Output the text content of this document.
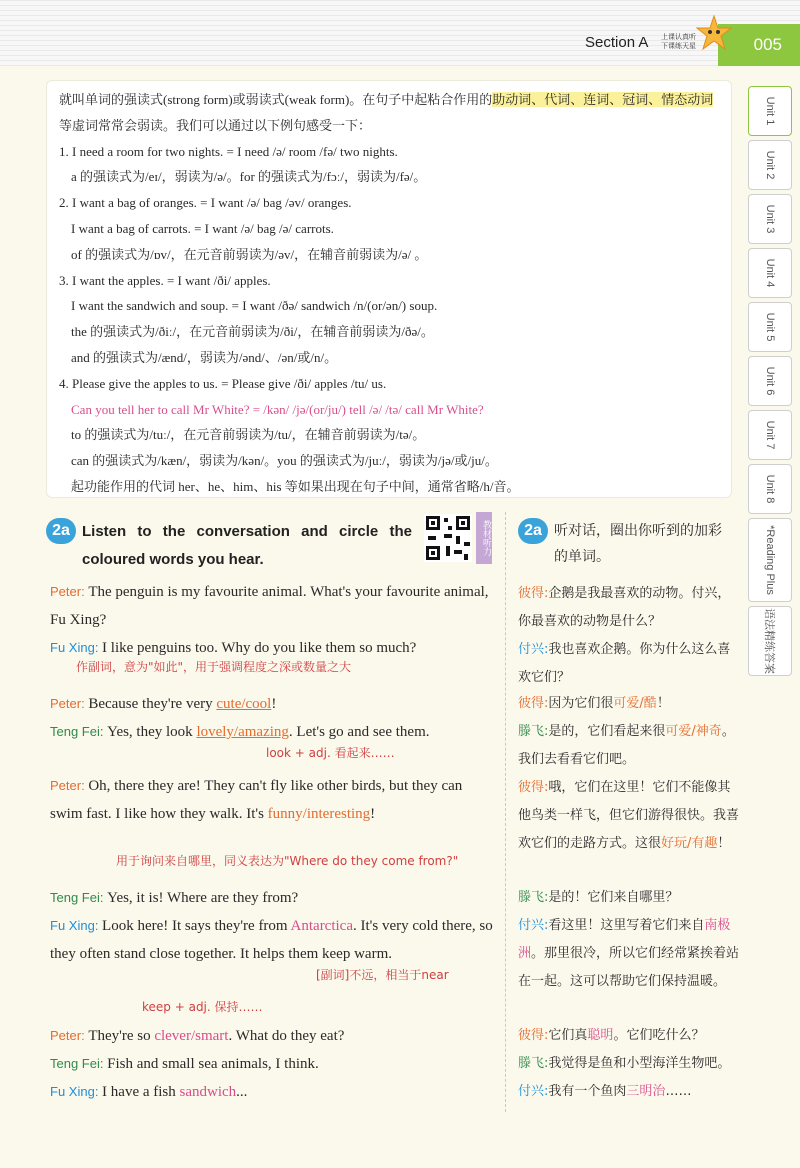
Section A 上课认真听
下课练天星	005
Unit 1
Unit 2
Unit 3
Unit 4
Unit 5
Unit 6
Unit 7
Unit 8
*Reading Plus
语法精练答案
就叫单词的强读式(strong form)或弱读式(weak form)。在句子中起粘合作用的助动词、代词、连词、冠词、情态动词
等虚词常常会弱读。我们可以通过以下例句感受一下：
1. I need a room for two nights. = I need /ə/ room /fə/ two nights.
a 的强读式为/eɪ/，弱读为/ə/。for 的强读式为/fɔː/，弱读为/fə/。
2. I want a bag of oranges. = I want /ə/ bag /əv/ oranges.
I want a bag of carrots. = I want /ə/ bag /ə/ carrots.
of 的强读式为/ɒv/，在元音前弱读为/əv/，在辅音前弱读为/ə/ 。
3. I want the apples. = I want /ði/ apples.
I want the sandwich and soup. = I want /ðə/ sandwich /n/(or/ən/) soup.
the 的强读式为/ðiː/，在元音前弱读为/ði/，在辅音前弱读为/ðə/。
and 的强读式为/ænd/，弱读为/ənd/、/ən/或/n/。
4. Please give the apples to us. = Please give /ði/ apples /tu/ us.
Can you tell her to call Mr White? = /kən/ /jə/(or/ju/) tell /ə/ /tə/ call Mr White?
to 的强读式为/tuː/，在元音前弱读为/tu/，在辅音前弱读为/tə/。
can 的强读式为/kæn/，弱读为/kən/。you 的强读式为/juː/，弱读为/jə/或/ju/。
起功能作用的代词 her、he、him、his 等如果出现在句子中间，通常省略/h/音。
2a Listen to the conversation and circle the coloured words you hear.
教材听力
Peter: The penguin is my favourite animal. What's your favourite animal, Fu Xing?
Fu Xing: I like penguins too. Why do you like them so much?
作副词，意为"如此"，用于强调程度之深或数量之大
Peter: Because they're very cute/cool!
Teng Fei: Yes, they look lovely/amazing. Let's go and see them.
look + adj. 看起来……
Peter: Oh, there they are! They can't fly like other birds, but they can swim fast. I like how they walk. It's funny/interesting!
用于询问来自哪里，同义表达为"Where do they come from?"
Teng Fei: Yes, it is! Where are they from?
Fu Xing: Look here! It says they're from Antarctica. It's very cold there, so they often stand close together. It helps them keep warm.
[副词]不远，相当于near
keep + adj. 保持……
Peter: They're so clever/smart. What do they eat?
Teng Fei: Fish and small sea animals, I think.
Fu Xing: I have a fish sandwich...
2a 听对话，圈出你听到的加彩的单词。
彼得:企鹅是我最喜欢的动物。付兴，你最喜欢的动物是什么？
付兴:我也喜欢企鹅。你为什么这么喜欢它们？
彼得:因为它们很可爱/酷！
滕飞:是的，它们看起来很可爱/神奇。我们去看看它们吧。
彼得:哦，它们在这里！它们不能像其他鸟类一样飞，但它们游得很快。我喜欢它们的走路方式。这很好玩/有趣！
滕飞:是的！它们来自哪里？
付兴:看这里！这里写着它们来自南极洲。那里很冷，所以它们经常紧挨着站在一起。这可以帮助它们保持温暖。
彼得:它们真聪明。它们吃什么？
滕飞:我觉得是鱼和小型海洋生物吧。
付兴:我有一个鱼肉三明治……
